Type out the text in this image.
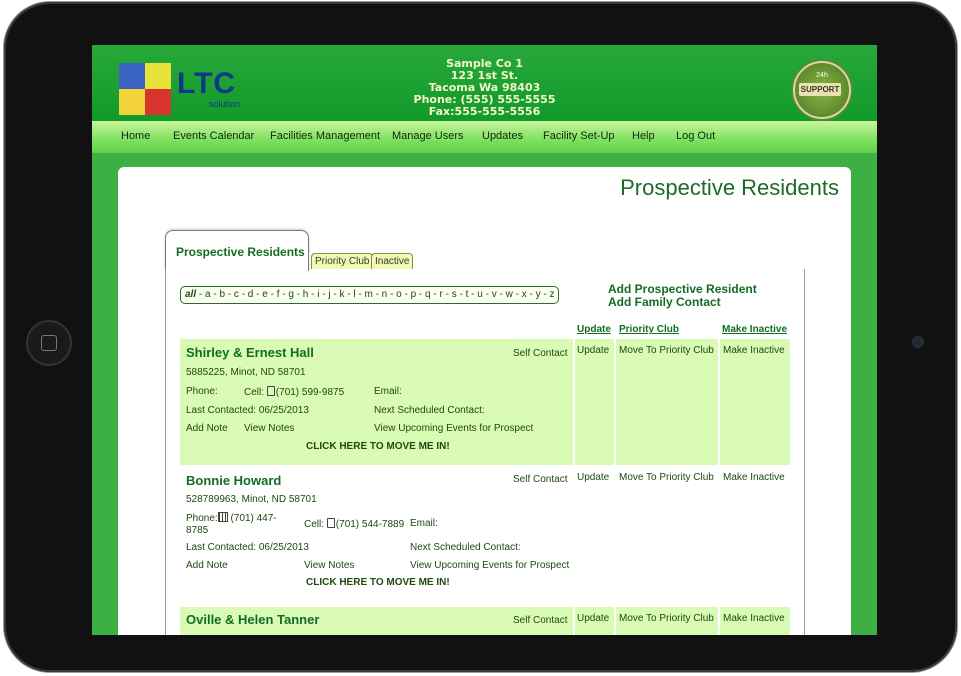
LTC
solution
Sample Co 1
123 1st St.
Tacoma Wa 98403
Phone: (555) 555-5555
Fax:555-555-5556
24h
SUPPORT
Home Events Calendar Facilities Management Manage Users Updates Facility Set-Up Help Log Out
Prospective Residents
Prospective Residents
Priority Club Inactive
all - a - b - c - d - e - f - g - h - i - j - k - l - m - n - o - p - q - r - s - t - u - v - w - x - y - z	Add Prospective Resident
Add Family Contact
Update Priority Club	Make Inactive
Shirley & Ernest Hall	Self Contact Update Move To Priority Club Make Inactive
5885225, Minot, ND 58701
Phone:	Cell: (701) 599-9875	Email:
Last Contacted: 06/25/2013	Next Scheduled Contact:
Add Note View Notes	View Upcoming Events for Prospect
CLICK HERE TO MOVE ME IN!
Bonnie Howard	Self Contact Update Move To Priority Club Make Inactive
528789963, Minot, ND 58701
Phone: (701) 447-8785
Cell: (701) 544-7889 Email:
Last Contacted: 06/25/2013	Next Scheduled Contact:
Add Note	View Notes	View Upcoming Events for Prospect
CLICK HERE TO MOVE ME IN!
Oville & Helen Tanner	Self Contact Update Move To Priority Club Make Inactive
